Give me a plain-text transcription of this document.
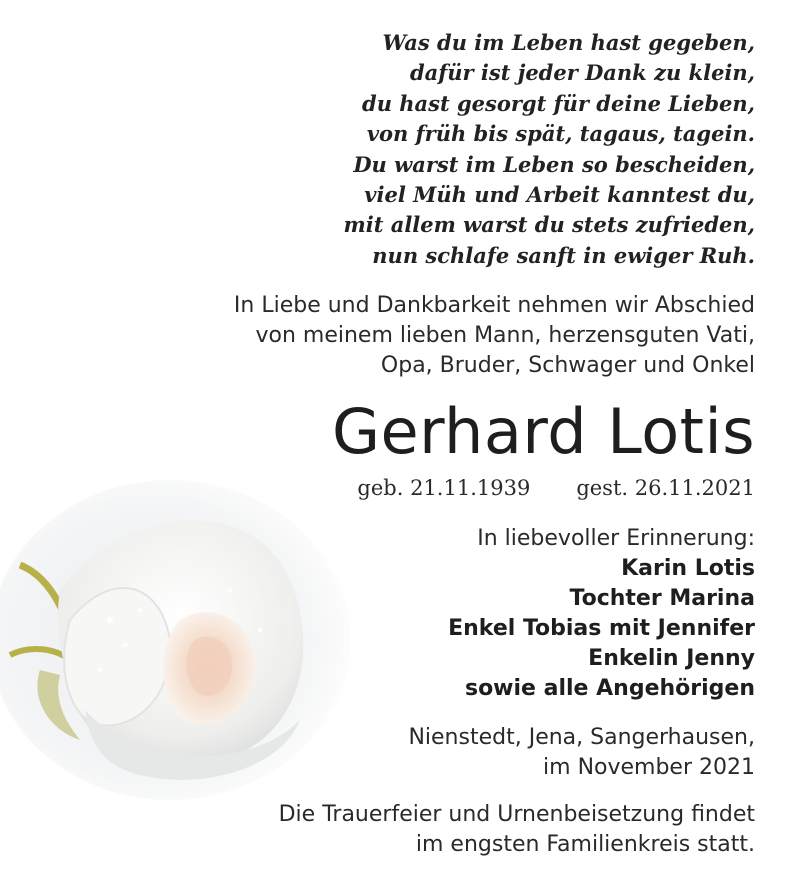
Was du im Leben hast gegeben,
dafür ist jeder Dank zu klein,
du hast gesorgt für deine Lieben,
von früh bis spät, tagaus, tagein.
Du warst im Leben so bescheiden,
viel Müh und Arbeit kanntest du,
mit allem warst du stets zufrieden,
nun schlafe sanft in ewiger Ruh.
In Liebe und Dankbarkeit nehmen wir Abschied
von meinem lieben Mann, herzensguten Vati,
Opa, Bruder, Schwager und Onkel
Gerhard Lotis
geb. 21.11.1939 gest. 26.11.2021
In liebevoller Erinnerung:
Karin Lotis
Tochter Marina
Enkel Tobias mit Jennifer
Enkelin Jenny
sowie alle Angehörigen
Nienstedt, Jena, Sangerhausen,
im November 2021
Die Trauerfeier und Urnenbeisetzung findet
im engsten Familienkreis statt.
